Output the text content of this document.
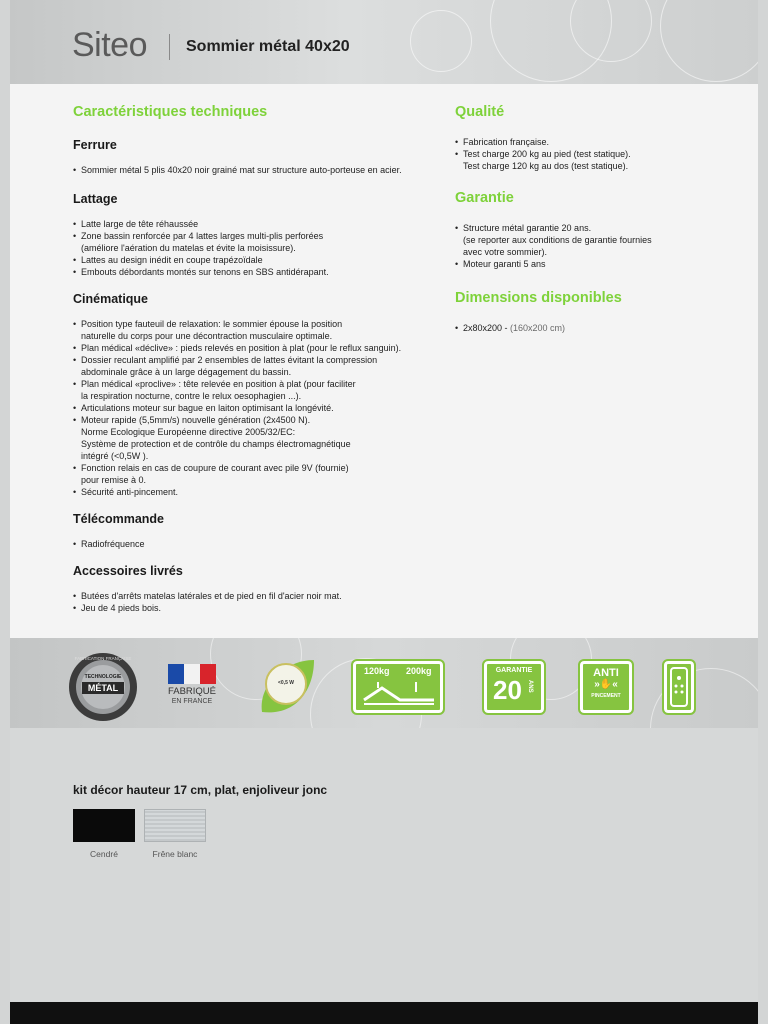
Siteo Sommier métal 40x20
Caractéristiques techniques
Ferrure
• Sommier métal 5 plis 40x20 noir grainé mat sur structure auto-porteuse en acier.
Lattage
• Latte large de tête réhaussée
• Zone bassin renforcée par 4 lattes larges multi-plis perforées
(améliore l'aération du matelas et évite la moisissure).
• Lattes au design inédit en coupe trapézoïdale
• Embouts débordants montés sur tenons en SBS antidérapant.
Cinématique
• Position type fauteuil de relaxation: le sommier épouse la position
naturelle du corps pour une décontraction musculaire optimale.
• Plan médical «déclive» : pieds relevés en position à plat (pour le reflux sanguin).
• Dossier reculant amplifié par 2 ensembles de lattes évitant la compression
abdominale grâce à un large dégagement du bassin.
• Plan médical «proclive» : tête relevée en position à plat (pour faciliter
la respiration nocturne, contre le relux oesophagien ...).
• Articulations moteur sur bague en laiton optimisant la longévité.
• Moteur rapide (5,5mm/s) nouvelle génération (2x4500 N).
Norme Ecologique Européenne directive 2005/32/EC:
Système de protection et de contrôle du champs électromagnétique
intégré (<0,5W ).
• Fonction relais en cas de coupure de courant avec pile 9V (fournie)
pour remise à 0.
• Sécurité anti-pincement.
Télécommande
• Radiofréquence
Accessoires livrés
• Butées d'arrêts matelas latérales et de pied en fil d'acier noir mat.
• Jeu de 4 pieds bois.
Qualité
• Fabrication française.
• Test charge 200 kg au pied (test statique).
Test charge 120 kg au dos (test statique).
Garantie
• Structure métal garantie 20 ans.
(se reporter aux conditions de garantie fournies
avec votre sommier).
• Moteur garanti 5 ans
Dimensions disponibles
• 2x80x200 - (160x200 cm)
FABRICATION FRANÇAISE
TECHNOLOGIE
MÉTAL	FABRIQUÉ
EN FRANCE
<0,5 W
120kg 200kg	GARANTIE
20 ANS
ANTI
»✋«
PINCEMENT
kit décor hauteur 17 cm, plat, enjoliveur jonc
Cendré	Frêne blanc
